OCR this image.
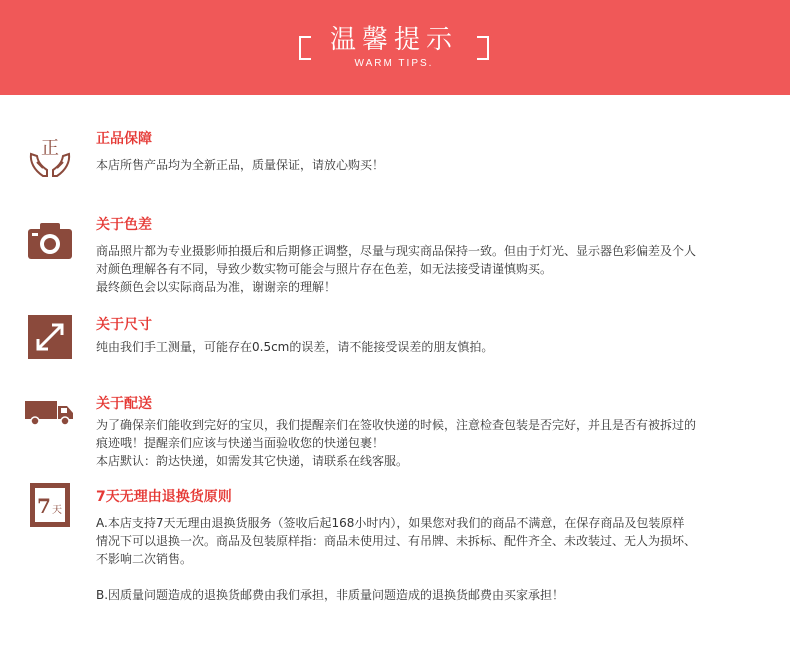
温馨提示
WARM TIPS.
正	正品保障
本店所售产品均为全新正品，质量保证，请放心购买！
关于色差
商品照片都为专业摄影师拍摄后和后期修正调整，尽量与现实商品保持一致。但由于灯光、显示器色彩偏差及个人
对颜色理解各有不同，导致少数实物可能会与照片存在色差，如无法接受请谨慎购买。
最终颜色会以实际商品为准，谢谢亲的理解！
关于尺寸
纯由我们手工测量，可能存在0.5cm的误差，请不能接受误差的朋友慎拍。
关于配送
为了确保亲们能收到完好的宝贝，我们提醒亲们在签收快递的时候，注意检查包装是否完好，并且是否有被拆过的
痕迹哦！提醒亲们应该与快递当面验收您的快递包裹！
本店默认：韵达快递，如需发其它快递，请联系在线客服。
7 天
7天无理由退换货原则
A.本店支持7天无理由退换货服务（签收后起168小时内），如果您对我们的商品不满意，在保存商品及包装原样
情况下可以退换一次。商品及包装原样指：商品未使用过、有吊牌、未拆标、配件齐全、未改装过、无人为损坏、
不影响二次销售。
B.因质量问题造成的退换货邮费由我们承担，非质量问题造成的退换货邮费由买家承担！
